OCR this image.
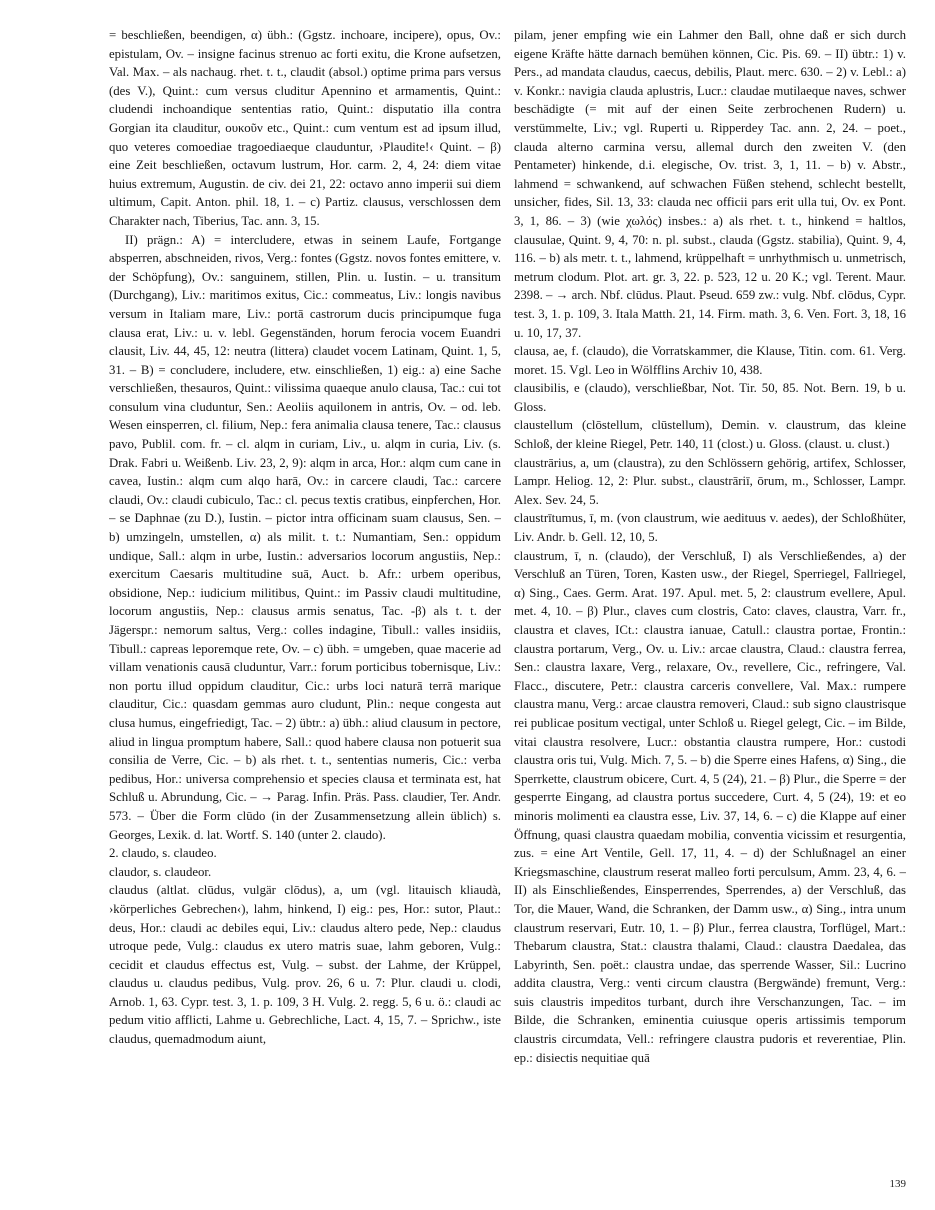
= beschließen, beendigen, α) übh.: (Ggstz. inchoare, incipere), opus, Ov.: epistulam, Ov. – insigne facinus strenuo ac forti exitu, die Krone aufsetzen, Val. Max. – als nachaug. rhet. t. t., claudit (absol.) optime prima pars versus (des V.), Quint.: cum versus cluditur Apennino et armamentis, Quint.: cludendi inchoandique sententias ratio, Quint.: disputatio illa contra Gorgian ita clauditur, ουκοῦν etc., Quint.: cum ventum est ad ipsum illud, quo veteres comoediae tragoediaeque clauduntur, ›Plaudite!‹ Quint. – β) eine Zeit beschließen, octavum lustrum, Hor. carm. 2, 4, 24: diem vitae huius extremum, Augustin. de civ. dei 21, 22: octavo anno imperii sui diem ultimum, Capit. Anton. phil. 18, 1. – c) Partiz. clausus, verschlossen dem Charakter nach, Tiberius, Tac. ann. 3, 15.

II) prägn.: A) = intercludere, etwas in seinem Laufe, Fortgange absperren, abschneiden, rivos, Verg.: fontes (Ggstz. novos fontes emittere, v. der Schöpfung), Ov.: sanguinem, stillen, Plin. u. Iustin. – u. transitum (Durchgang), Liv.: maritimos exitus, Cic.: commeatus, Liv.: longis navibus versum in Italiam mare, Liv.: portā castrorum ducis principumque fuga clausa erat, Liv.: u. v. lebl. Gegenständen, horum ferocia vocem Euandri clausit, Liv. 44, 45, 12: neutra (littera) claudet vocem Latinam, Quint. 1, 5, 31. – B) = concludere, includere, etw. einschließen, 1) eig.: a) eine Sache verschließen, thesauros, Quint.: vilissima quaeque anulo clausa, Tac.: cui tot consulum vina cluduntur, Sen.: Aeoliis aquilonem in antris, Ov. – od. leb. Wesen einsperren, cl. filium, Nep.: fera animalia clausa tenere, Tac.: clausus pavo, Publil. com. fr. – cl. alqm in curiam, Liv., u. alqm in curia, Liv. (s. Drak. Fabri u. Weißenb. Liv. 23, 2, 9): alqm in arca, Hor.: alqm cum cane in cavea, Iustin.: alqm cum alqo harā, Ov.: in carcere claudi, Tac.: carcere claudi, Ov.: claudi cubiculo, Tac.: cl. pecus textis cratibus, einpferchen, Hor. – se Daphnae (zu D.), Iustin. – pictor intra officinam suam clausus, Sen. – b) umzingeln, umstellen, α) als milit. t. t.: Numantiam, Sen.: oppidum undique, Sall.: alqm in urbe, Iustin.: adversarios locorum angustiis, Nep.: exercitum Caesaris multitudine suā, Auct. b. Afr.: urbem operibus, obsidione, Nep.: iudicium militibus, Quint.: im Passiv claudi multitudine, locorum angustiis, Nep.: clausus armis senatus, Tac. -β) als t. t. der Jägerspr.: nemorum saltus, Verg.: colles indagine, Tibull.: valles insidiis, Tibull.: capreas leporemque rete, Ov. – c) übh. = umgeben, quae macerie ad villam venationis causā cluduntur, Varr.: forum porticibus tobernisque, Liv.: non portu illud oppidum clauditur, Cic.: urbs loci naturā terrā marique clauditur, Cic.: quasdam gemmas auro cludunt, Plin.: neque congesta aut clusa humus, eingefriedigt, Tac. – 2) übtr.: a) übh.: aliud clausum in pectore, aliud in lingua promptum habere, Sall.: quod habere clausa non potuerit sua consilia de Verre, Cic. – b) als rhet. t. t., sententias numeris, Cic.: verba pedibus, Hor.: universa comprehensio et species clausa et terminata est, hat Schluß u. Abrundung, Cic. – → Parag. Infin. Präs. Pass. claudier, Ter. Andr. 573. – Über die Form clūdo (in der Zusammensetzung allein üblich) s. Georges, Lexik. d. lat. Wortf. S. 140 (unter 2. claudo).

2. claudo, s. claudeo.

claudor, s. claudeor.

claudus (altlat. clūdus, vulgär clōdus), a, um (vgl. litauisch kliaudà, ›körperliches Gebrechen‹), lahm, hinkend, I) eig.: pes, Hor.: sutor, Plaut.: deus, Hor.: claudi ac debiles equi, Liv.: claudus altero pede, Nep.: claudus utroque pede, Vulg.: claudus ex utero matris suae, lahm geboren, Vulg.: cecidit et claudus effectus est, Vulg. – subst. der Lahme, der Krüppel, claudus u. claudus pedibus, Vulg. prov. 26, 6 u. 7: Plur. claudi u. clodi, Arnob. 1, 63. Cypr. test. 3, 1. p. 109, 3 H. Vulg. 2. regg. 5, 6 u. ö.: claudi ac pedum vitio afflicti, Lahme u. Gebrechliche, Lact. 4, 15, 7. – Sprichw., iste claudus, quemadmodum aiunt,

pilam, jener empfing wie ein Lahmer den Ball, ohne daß er sich durch eigene Kräfte hätte darnach bemühen können, Cic. Pis. 69. – II) übtr.: 1) v. Pers., ad mandata claudus, caecus, debilis, Plaut. merc. 630. – 2) v. Lebl.: a) v. Konkr.: navigia clauda aplustris, Lucr.: claudae mutilaeque naves, schwer beschädigte (= mit auf der einen Seite zerbrochenen Rudern) u. verstümmelte, Liv.; vgl. Ruperti u. Ripperdey Tac. ann. 2, 24. – poet., clauda alterno carmina versu, allemal durch den zweiten V. (den Pentameter) hinkende, d.i. elegische, Ov. trist. 3, 1, 11. – b) v. Abstr., lahmend = schwankend, auf schwachen Füßen stehend, schlecht bestellt, unsicher, fides, Sil. 13, 33: clauda nec officii pars erit ulla tui, Ov. ex Pont. 3, 1, 86. – 3) (wie χωλός) insbes.: a) als rhet. t. t., hinkend = haltlos, clausulae, Quint. 9, 4, 70: n. pl. subst., clauda (Ggstz. stabilia), Quint. 9, 4, 116. – b) als metr. t. t., lahmend, krüppelhaft = unrhythmisch u. unmetrisch, metrum clodum. Plot. art. gr. 3, 22. p. 523, 12 u. 20 K.; vgl. Terent. Maur. 2398. – → arch. Nbf. clūdus. Plaut. Pseud. 659 zw.: vulg. Nbf. clōdus, Cypr. test. 3, 1. p. 109, 3. Itala Matth. 21, 14. Firm. math. 3, 6. Ven. Fort. 3, 18, 16 u. 10, 17, 37.

clausa, ae, f. (claudo), die Vorratskammer, die Klause, Titin. com. 61. Verg. moret. 15. Vgl. Leo in Wölfflins Archiv 10, 438.

clausibilis, e (claudo), verschließbar, Not. Tir. 50, 85. Not. Bern. 19, b u. Gloss.

claustellum (clōstellum, clūstellum), Demin. v. claustrum, das kleine Schloß, der kleine Riegel, Petr. 140, 11 (clost.) u. Gloss. (claust. u. clust.)

claustrārius, a, um (claustra), zu den Schlössern gehörig, artifex, Schlosser, Lampr. Heliog. 12, 2: Plur. subst., claustrāriī, ōrum, m., Schlosser, Lampr. Alex. Sev. 24, 5.

claustrītumus, ī, m. (von claustrum, wie aedituus v. aedes), der Schloßhüter, Liv. Andr. b. Gell. 12, 10, 5.

claustrum, ī, n. (claudo), der Verschluß, I) als Verschließendes, a) der Verschluß an Türen, Toren, Kasten usw., der Riegel, Sperriegel, Fallriegel, α) Sing., Caes. Germ. Arat. 197. Apul. met. 5, 2: claustrum evellere, Apul. met. 4, 10. – β) Plur., claves cum clostris, Cato: claves, claustra, Varr. fr., claustra et claves, ICt.: claustra ianuae, Catull.: claustra portae, Frontin.: claustra portarum, Verg., Ov. u. Liv.: arcae claustra, Claud.: claustra ferrea, Sen.: claustra laxare, Verg., relaxare, Ov., revellere, Cic., refringere, Val. Flacc., discutere, Petr.: claustra carceris convellere, Val. Max.: rumpere claustra manu, Verg.: arcae claustra removeri, Claud.: sub signo claustrisque rei publicae positum vectigal, unter Schloß u. Riegel gelegt, Cic. – im Bilde, vitai claustra resolvere, Lucr.: obstantia claustra rumpere, Hor.: custodi claustra oris tui, Vulg. Mich. 7, 5. – b) die Sperre eines Hafens, α) Sing., die Sperrkette, claustrum obicere, Curt. 4, 5 (24), 21. – β) Plur., die Sperre = der gesperrte Eingang, ad claustra portus succedere, Curt. 4, 5 (24), 19: et eo minoris molimenti ea claustra esse, Liv. 37, 14, 6. – c) die Klappe auf einer Öffnung, quasi claustra quaedam mobilia, conventia vicissim et resurgentia, zus. = eine Art Ventile, Gell. 17, 11, 4. – d) der Schlußnagel an einer Kriegsmaschine, claustrum reserat malleo forti perculsum, Amm. 23, 4, 6. – II) als Einschließendes, Einsperrendes, Sperrendes, a) der Verschluß, das Tor, die Mauer, Wand, die Schranken, der Damm usw., α) Sing., intra unum claustrum reservari, Eutr. 10, 1. – β) Plur., ferrea claustra, Torflügel, Mart.: Thebarum claustra, Stat.: claustra thalami, Claud.: claustra Daedalea, das Labyrinth, Sen. poët.: claustra undae, das sperrende Wasser, Sil.: Lucrino addita claustra, Verg.: venti circum claustra (Bergwände) fremunt, Verg.: suis claustris impeditos turbant, durch ihre Verschanzungen, Tac. – im Bilde, die Schranken, eminentia cuiusque operis artissimis temporum claustris circumdata, Vell.: refringere claustra pudoris et reverentiae, Plin. ep.: disiectis nequitiae quā

139
